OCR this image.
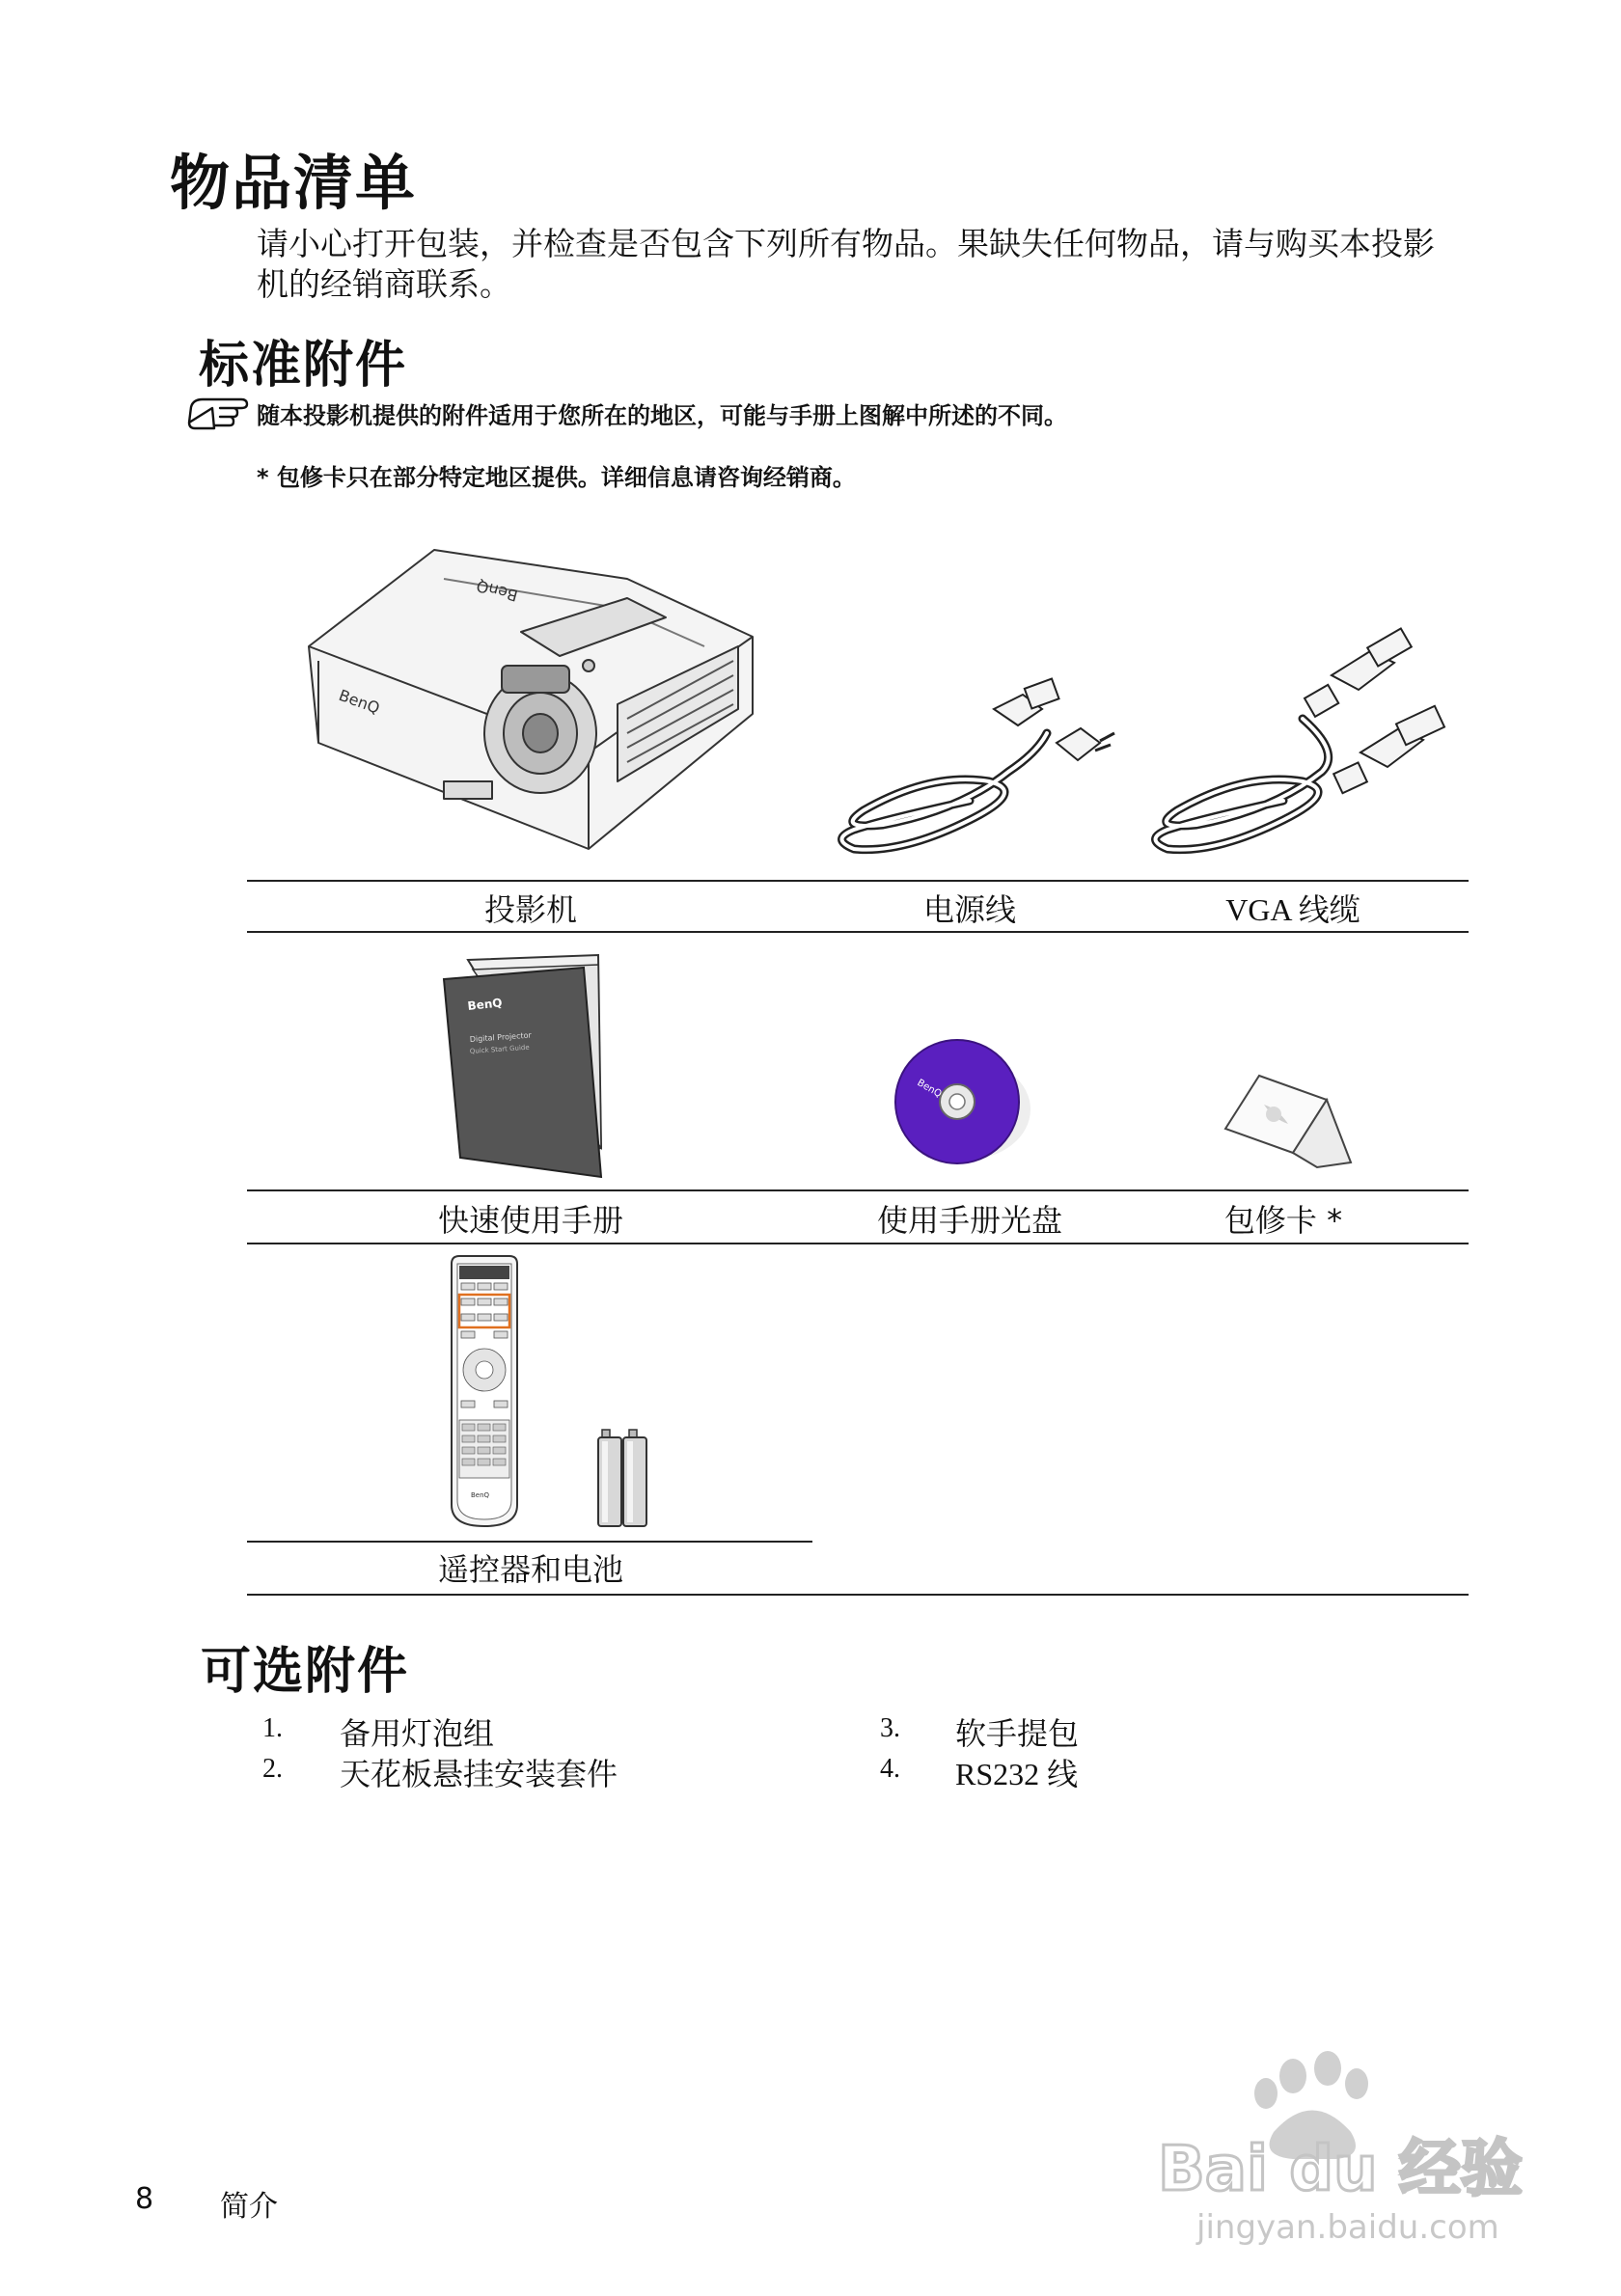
物品清单
请小心打开包装，并检查是否包含下列所有物品。果缺失任何物品，请与购买本投影机的经销商联系。
标准附件
随本投影机提供的附件适用于您所在的地区，可能与手册上图解中所述的不同。
* 包修卡只在部分特定地区提供。详细信息请咨询经销商。
BenQ
BenQ
投影机	电源线	VGA 线缆
BenQ
Digital Projector
Quick Start Guide
BenQ
快速使用手册	使用手册光盘	包修卡 *
BenQ
遥控器和电池
可选附件
1. 备用灯泡组
2. 天花板悬挂安装套件
3. 软手提包
4. RS232 线
8 简介
Bai du 经验
jingyan.baidu.com
